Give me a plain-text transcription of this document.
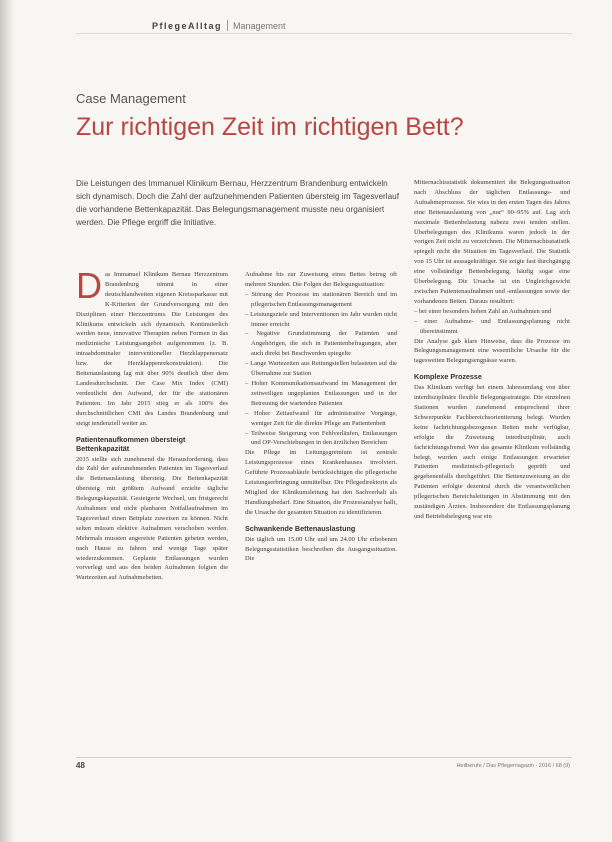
PflegeAlltag Management
Case Management
Zur richtigen Zeit im richtigen Bett?
Die Leistungen des Immanuel Klinikum Bernau, Herzzentrum Brandenburg entwickeln sich dynamisch. Doch die Zahl der aufzunehmenden Patienten übersteig im Tagesverlauf die vorhandene Bettenkapazität. Das Belegungsmanagement musste neu organisiert werden. Die Pflege ergriff die Initiative.

Das Immanuel Klinikum Bernau Herzzentrum Brandenburg nimmt in einer deutschlandweiten eigenen Kreissparkasse mit K-Kriterien der Grundversorgung mit den Disziplinen einer Herzzentrums. Die Leistungen des Klinikums entwickeln sich dynamisch. Kontinuierlich werden neue, innovative Therapien neben Formen in das medizinische Leistungsangebot aufgenommen (z. B. intraabdominaler interventioneller Herzklappenersatz bzw. der Herzklappenrekonstruktion). Die Bettenauslastung lag mit über 90% deutlich über dem Landesdurchschnitt. Der Case Mix Index (CMI) verdeutlicht den Aufwand, der für die stationären Patienten. Im Jahr 2015 stieg er als 100% des durchschnittlichen CMI des Landes Brandenburg und steigt tendenziell weiter an.

Patientenaufkommen übersteigt Bettenkapazität

2015 stellte sich zunehmend die Herausforderung, dass die Zahl der aufzunehmenden Patienten im Tagesverlauf die Bettenauslastung übersteig. Die Bettenkapazität übersteig mit größtem Aufwand erzielte tägliche Belegungskapazität. Gesteigerte Wechsel, um fristgerecht Aufnahmen und nicht planbaren Notfallaufnahmen im Tagesverlauf einen Bettplatz zuweisen zu können. Nicht selten müssen elektive Aufnahmen verschoben werden. Mehrmals mussten angereiste Patienten gebeten werden, nach Hause zu fahren und wenige Tage später wiederzukommen. Geplante Entlassungen wurden vorverlegt und aus den beiden Aufnahmen folgten die Wartezeiten auf Aufnahmebetten.

Aufnahme bis zur Zuweisung eines Bettes betrug oft mehrere Stunden. Die Folgen der Belegungssituation:

– Störung der Prozesse im stationären Bereich und im pflegerischen Entlassungsmanagement
– Leistungsziele und Interventionen im Jahr wurden nicht immer erreicht
– Negative Grundstimmung der Patienten und Angehörigen, die sich in Patientenbefragungen, aber auch direkt bei Beschwerden spiegelte
– Lange Wartezeiten aus Rettungstellen belasteten auf die Übernahme zur Station
– Hoher Kommunikationsaufwand im Management der zeitweiligen ungeplanten Entlassungen und in der Betreuung der wartenden Patienten
– Hoher Zeitaufwand für administrative Vorgänge, weniger Zeit für die direkte Pflege am Patientenbett
– Teilweise Steigerung von Fehlverläufen, Entlassungen und OP-Verschiebungen in den ärztlichen Bereichen

Die Pflege im Leitungsgremium ist zentrale Leistungsprozesse eines Krankenhauses involviert. Geführte Prozessabläufe berücksichtigen die pflegerische Leistungserbringung unmittelbar. Die Pflegedirektorin als Mitglied der Klinikumsleitung hat den Sachverhalt als Handlungsbedarf. Eine Situation, die Prozessanalyse hallt, die Ursache der gesamten Situation zu identifizieren.

Schwankende Bettenauslastung

Die täglich um 15.00 Uhr und um 24.00 Uhr erhobenen Belegungsstatistiken beschreiben die Ausgangssituation. Die

Mitternachtsstatistik dokumentiert die Belegungssituation nach Abschluss der täglichen Entlassungs- und Aufnahmeprozesse. Sie wies in den ersten Tagen des Jahres eine Bettenauslastung von „nur“ 90–95% auf. Lag sich maximale Bettenbelastung nahezu zwei tenden stellen. Überbelegungen des Klinikums waren jedoch in der vorigen Zeit nicht zu verzeichnen. Die Mitternachtsstatistik spiegelt nicht die Situation im Tagesverlauf. Die Statistik von 15 Uhr ist aussagekräftiger. Sie zeigte fast durchgängig eine vollständige Bettenbelegung, häufig sogar eine Überbelegung. Die Ursache ist ein Ungleichgewicht zwischen Patientenaufnahmen und -entlassungen sowie der vorhandenen Betten. Daraus resultiert:

– bei einer besonders hohen Zahl an Aufnahmen und
– einer Aufnahme- und Entlassungsplanung nicht übereinstimmt

Die Analyse gab klare Hinweise, dass die Prozesse im Belegungsmanagement eine wesentliche Ursache für die tagesweiten Belegungsengpässe waren.

Komplexe Prozesse

Das Klinikum verfügt bei einem Jahresumfang von über interdisziplinäre flexible Belegungsstrategie. Die einzelnen Stationen wurden zunehmend entsprechend ihrer Schwerpunkte Fachbereichsorientierung belegt. Wurden keine fachrichtungsbezogenen Betten mehr verfügbar, erfolgte die Zuweisung interdisziplinär, auch fachrichtungsfremd. Wer das gesamte Klinikum vollständig belegt, wurden auch einige Entlassungen erwarteter Patienten medizinisch-pflegerisch geprüft und gegebenenfalls durchgeführt. Die Bettenzuweisung an die Patienten erfolgte dezentral durch die verantwortlichen pflegerischen Bereichsleitungen in Abstimmung mit den zuständigen Ärzten. Insbesondere die Entlassungsplanung und Betriebsbelegung war ein

48	Heilberufe / Das Pflegemagazin · 2016 / 68 (9)
